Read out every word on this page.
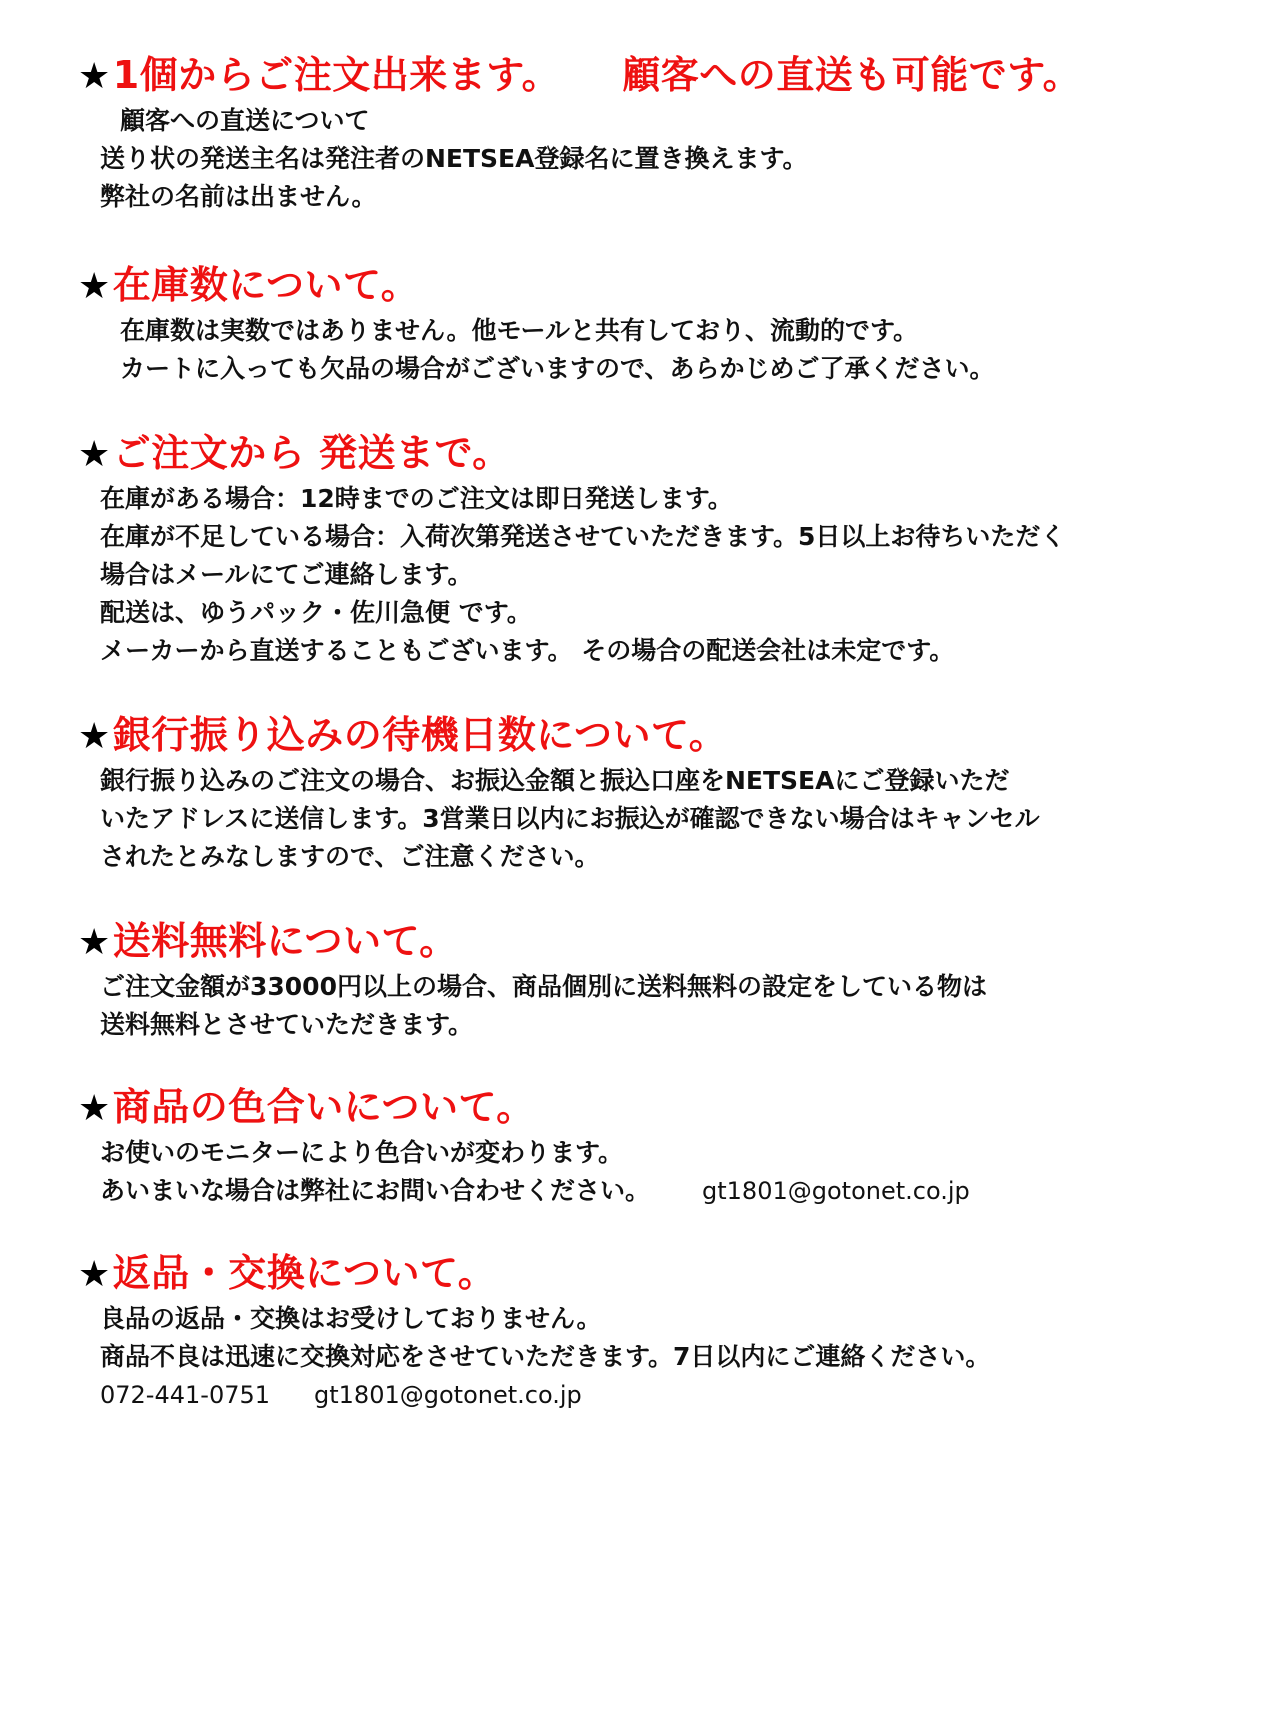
★ 1個からご注文出来ます。 顧客への直送も可能です。
顧客への直送について
送り状の発送主名は発注者のNETSEA登録名に置き換えます。
弊社の名前は出ません。
★ 在庫数について。
在庫数は実数ではありません。他モールと共有しており、流動的です。
カートに入っても欠品の場合がございますので、あらかじめご了承ください。
★ ご注文から 発送まで。
在庫がある場合：12時までのご注文は即日発送します。
在庫が不足している場合：入荷次第発送させていただきます。5日以上お待ちいただく
場合はメールにてご連絡します。
配送は、ゆうパック・佐川急便 です。
メーカーから直送することもございます。 その場合の配送会社は未定です。
★ 銀行振り込みの待機日数について。
銀行振り込みのご注文の場合、お振込金額と振込口座をNETSEAにご登録いただ
いたアドレスに送信します。3営業日以内にお振込が確認できない場合はキャンセル
されたとみなしますので、ご注意ください。
★ 送料無料について。
ご注文金額が33000円以上の場合、商品個別に送料無料の設定をしている物は
送料無料とさせていただきます。
★ 商品の色合いについて。
お使いのモニターにより色合いが変わります。
あいまいな場合は弊社にお問い合わせください。 gt1801@gotonet.co.jp
★ 返品・交換について。
良品の返品・交換はお受けしておりません。
商品不良は迅速に交換対応をさせていただきます。7日以内にご連絡ください。
072-441-0751 gt1801@gotonet.co.jp
